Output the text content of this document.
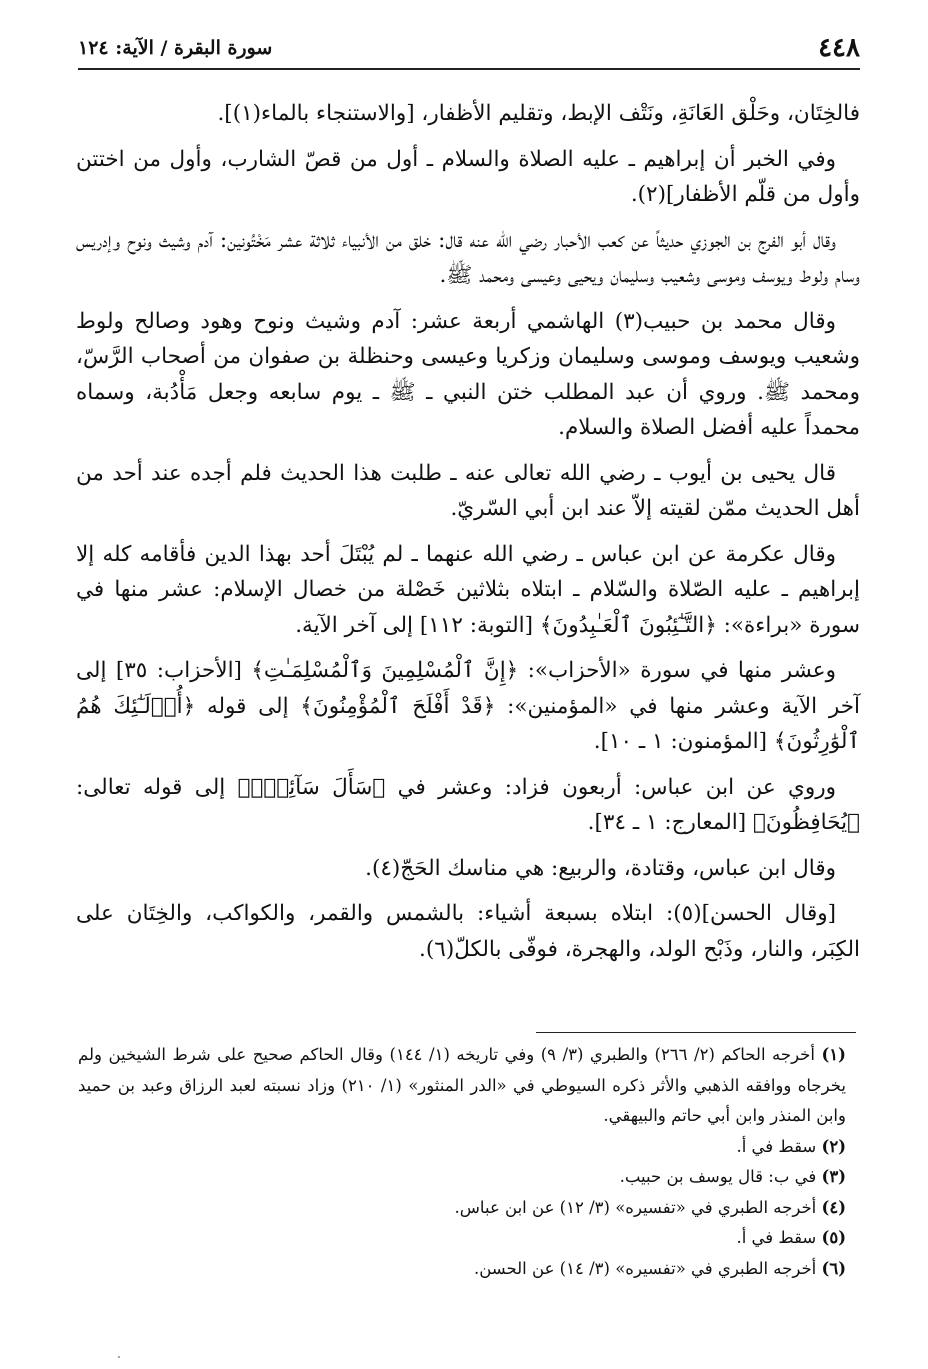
٤٤٨
سورة البقرة / الآية: ١٢٤

فالخِتَان، وحَلْق العَانَةِ، ونَتْف الإبط، وتقليم الأظفار، [والاستنجاء بالماء(١)].

وفي الخبر أن إبراهيم ـ عليه الصلاة والسلام ـ أول من قصّ الشارب، وأول من اختتن وأول من قلّم الأظفار](٢).

وقال أبو الفرج بن الجوزي حديثاً عن كعب الأحبار رضي الله عنه قال: خلق من الأنبياء ثلاثة عشر مَخْتُونين: آدم وشيث ونوح وإدريس وسام ولوط ويوسف وموسى وشعيب وسليمان ويحيى وعيسى ومحمد ﷺ.

وقال محمد بن حبيب(٣) الهاشمي أربعة عشر: آدم وشيث ونوح وهود وصالح ولوط وشعيب ويوسف وموسى وسليمان وزكريا وعيسى وحنظلة بن صفوان من أصحاب الرَّسّ، ومحمد ﷺ. وروي أن عبد المطلب ختن النبي ـ ﷺ ـ يوم سابعه وجعل مَأْدُبة، وسماه محمداً عليه أفضل الصلاة والسلام.

قال يحيى بن أيوب ـ رضي الله تعالى عنه ـ طلبت هذا الحديث فلم أجده عند أحد من أهل الحديث ممّن لقيته إلاّ عند ابن أبي السّريّ.

وقال عكرمة عن ابن عباس ـ رضي الله عنهما ـ لم يُبْتَلَ أحد بهذا الدين فأقامه كله إلا إبراهيم ـ عليه الصّلاة والسّلام ـ ابتلاه بثلاثين خَصْلة من خصال الإسلام: عشر منها في سورة «براءة»: ﴿التَّـٰٓئِبُونَ ٱلْعَـٰبِدُونَ﴾ [التوبة: ١١٢] إلى آخر الآية.

وعشر منها في سورة «الأحزاب»: ﴿إِنَّ ٱلْمُسْلِمِينَ وَٱلْمُسْلِمَـٰتِ﴾ [الأحزاب: ٣٥] إلى آخر الآية وعشر منها في «المؤمنين»: ﴿قَدْ أَفْلَحَ ٱلْمُؤْمِنُونَ﴾ إلى قوله ﴿أُو۟لَـٰٓئِكَ هُمُ ٱلْوَٰرِثُونَ﴾ [المؤمنون: ١ ـ ١٠].

وروي عن ابن عباس: أربعون فزاد: وعشر في ﴿سَأَلَ سَآئِلٌۢ﴾ إلى قوله تعالى: ﴿يُحَافِظُونَ﴾ [المعارج: ١ ـ ٣٤].

وقال ابن عباس، وقتادة، والربيع: هي مناسك الحَجّ(٤).

[وقال الحسن](٥): ابتلاه بسبعة أشياء: بالشمس والقمر، والكواكب، والخِتَان على الكِبَر، والنار، وذَبْح الولد، والهجرة، فوفّى بالكلّ(٦).

(١) أخرجه الحاكم (٢/ ٢٦٦) والطبري (٣/ ٩) وفي تاريخه (١/ ١٤٤) وقال الحاكم صحيح على شرط الشيخين ولم يخرجاه ووافقه الذهبي والأثر ذكره السيوطي في «الدر المنثور» (١/ ٢١٠) وزاد نسبته لعبد الرزاق وعبد بن حميد وابن المنذر وابن أبي حاتم والبيهقي.

(٢) سقط في أ.

(٣) في ب: قال يوسف بن حبيب.

(٤) أخرجه الطبري في «تفسيره» (٣/ ١٢) عن ابن عباس.

(٥) سقط في أ.

(٦) أخرجه الطبري في «تفسيره» (٣/ ١٤) عن الحسن.
